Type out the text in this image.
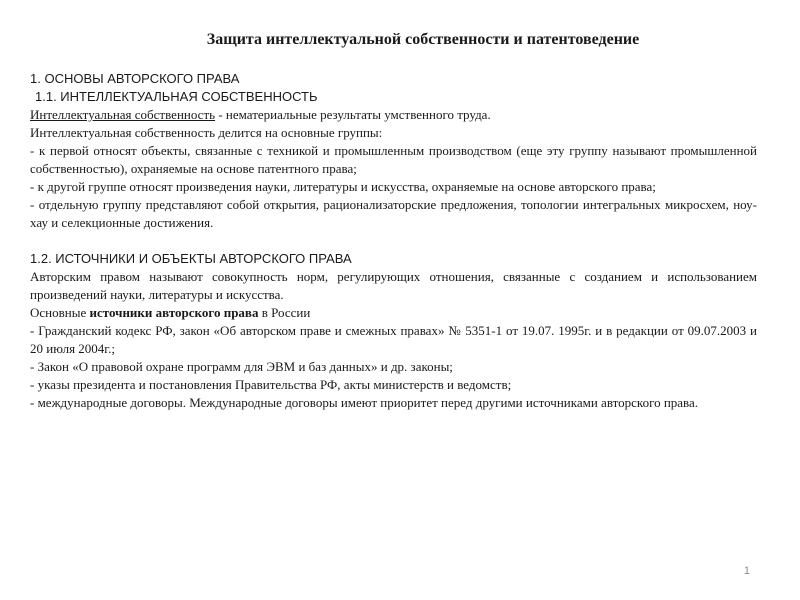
Защита интеллектуальной собственности и патентоведение
1. ОСНОВЫ АВТОРСКОГО ПРАВА
1.1. ИНТЕЛЛЕКТУАЛЬНАЯ СОБСТВЕННОСТЬ
Интеллектуальная собственность - нематериальные результаты умственного труда.
Интеллектуальная собственность делится на основные группы:
- к первой относят объекты, связанные с техникой и промышленным производством (еще эту группу называют промышленной собственностью), охраняемые на основе патентного права;
- к другой группе относят произведения науки, литературы и искусства, охраняемые на основе авторского права;
- отдельную группу представляют собой открытия, рационализаторские предложения, топологии интегральных микросхем, ноу-хау и селекционные достижения.
1.2. ИСТОЧНИКИ И ОБЪЕКТЫ АВТОРСКОГО ПРАВА
Авторским правом называют совокупность норм, регулирующих отношения, связанные с созданием и использованием произведений науки, литературы и искусства.
Основные источники авторского права в России
- Гражданский кодекс РФ, закон «Об авторском праве и смежных правах» № 5351-1 от 19.07. 1995г. и в редакции от 09.07.2003 и 20 июля 2004г.;
- Закон «О правовой охране программ для ЭВМ и баз данных» и др. законы;
- указы президента и постановления Правительства РФ, акты министерств и ведомств;
- международные договоры. Международные договоры имеют приоритет перед другими источниками авторского права.
1
